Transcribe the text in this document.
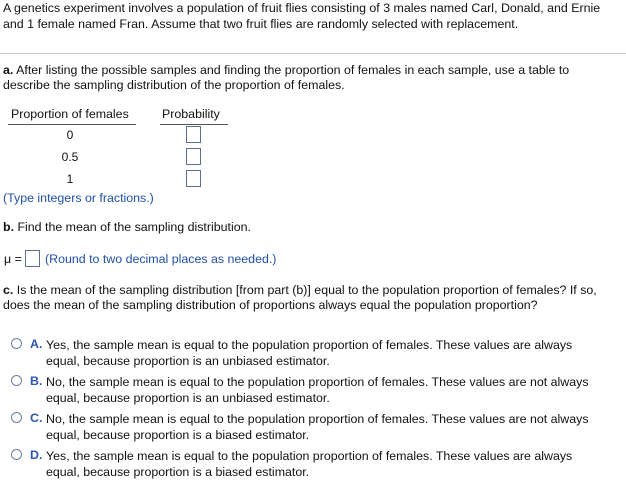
A genetics experiment involves a population of fruit flies consisting of 3 males named Carl, Donald, and Ernie and 1 female named Fran. Assume that two fruit flies are randomly selected with replacement.
a. After listing the possible samples and finding the proportion of females in each sample, use a table to describe the sampling distribution of the proportion of females.
Proportion of females	Probability
0
0.5
1
(Type integers or fractions.)
b. Find the mean of the sampling distribution.
μ = (Round to two decimal places as needed.)
c. Is the mean of the sampling distribution [from part (b)] equal to the population proportion of females? If so, does the mean of the sampling distribution of proportions always equal the population proportion?
A. Yes, the sample mean is equal to the population proportion of females. These values are always equal, because proportion is an unbiased estimator.
B. No, the sample mean is equal to the population proportion of females. These values are not always equal, because proportion is an unbiased estimator.
C. No, the sample mean is equal to the population proportion of females. These values are not always equal, because proportion is a biased estimator.
D. Yes, the sample mean is equal to the population proportion of females. These values are always equal, because proportion is a biased estimator.
